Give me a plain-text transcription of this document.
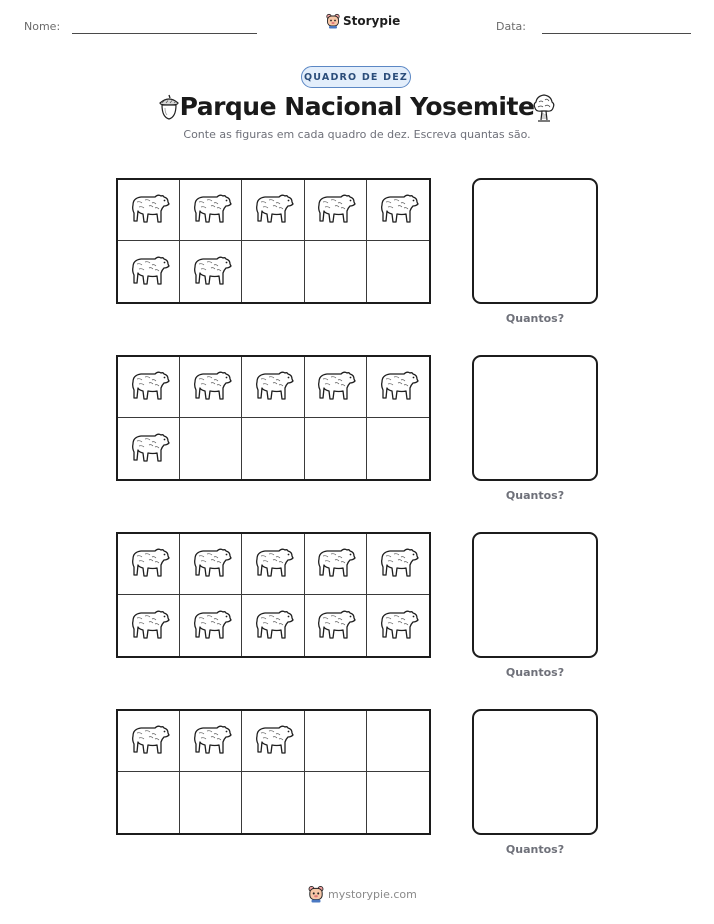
Nome:	Storypie	Data:
QUADRO DE DEZ
Parque Nacional Yosemite
Conte as figuras em cada quadro de dez. Escreva quantas são.
Quantos?
Quantos?
Quantos?
Quantos?
mystorypie.com
